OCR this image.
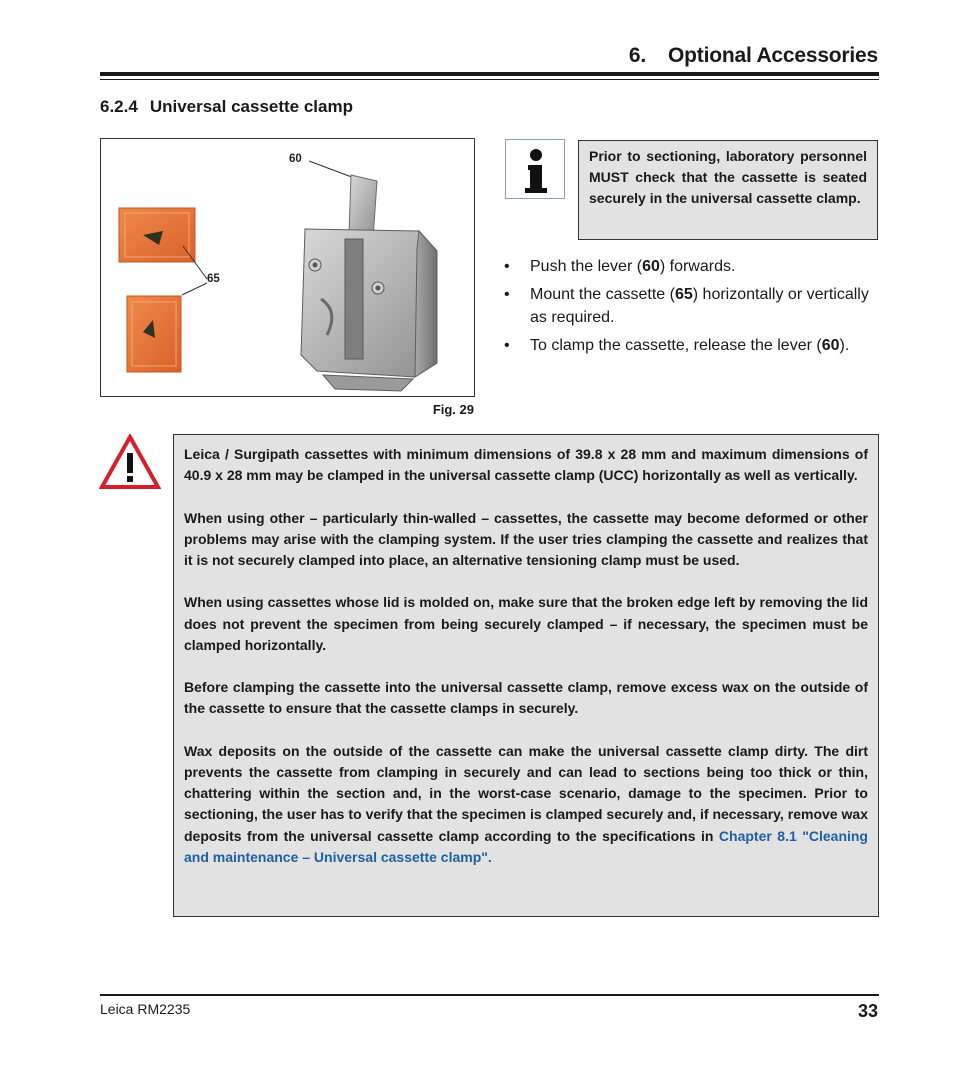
6. Optional Accessories
6.2.4 Universal cassette clamp
60
65
Fig. 29
Prior to sectioning, laboratory personnel MUST check that the cassette is seated securely in the universal cassette clamp.
• Push the lever (60) forwards.
• Mount the cassette (65) horizontally or vertically as required.
• To clamp the cassette, release the lever (60).

Leica / Surgipath cassettes with minimum dimensions of 39.8 x 28 mm and maximum dimensions of 40.9 x 28 mm may be clamped in the universal cassette clamp (UCC) horizontally as well as vertically.

When using other – particularly thin-walled – cassettes, the cassette may become deformed or other problems may arise with the clamping system. If the user tries clamping the cassette and realizes that it is not securely clamped into place, an alternative tensioning clamp must be used.

When using cassettes whose lid is molded on, make sure that the broken edge left by removing the lid does not prevent the specimen from being securely clamped – if necessary, the specimen must be clamped horizontally.

Before clamping the cassette into the universal cassette clamp, remove excess wax on the outside of the cassette to ensure that the cassette clamps in securely.

Wax deposits on the outside of the cassette can make the universal cassette clamp dirty. The dirt prevents the cassette from clamping in securely and can lead to sections being too thick or thin, chattering within the section and, in the worst-case scenario, damage to the specimen. Prior to sectioning, the user has to verify that the specimen is clamped securely and, if necessary, remove wax deposits from the universal cassette clamp according to the specifications in Chapter 8.1 "Cleaning and maintenance – Universal cassette clamp".

Leica RM2235	33
